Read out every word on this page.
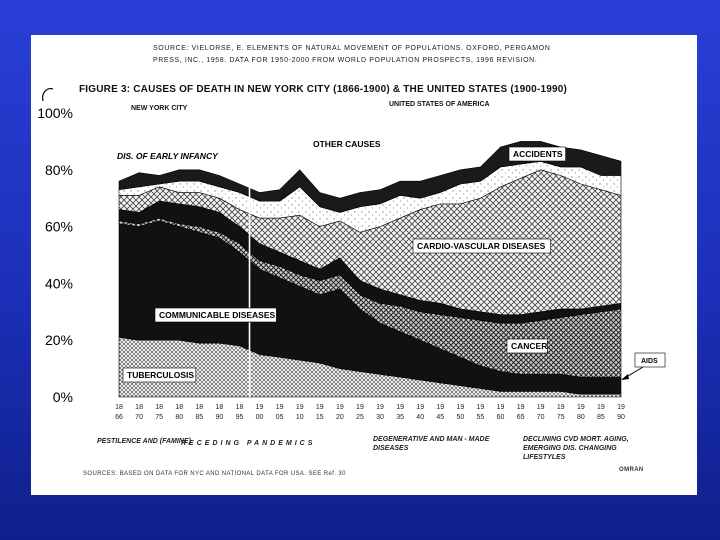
SOURCE: VIELORSE, E. ELEMENTS OF NATURAL MOVEMENT OF POPULATIONS. OXFORD, PERGAMON
PRESS, INC., 1958. DATA FOR 1950-2000 FROM WORLD POPULATION PROSPECTS, 1996 REVISION.
FIGURE 3: CAUSES OF DEATH IN NEW YORK CITY (1866-1900) & THE UNITED STATES (1900-1990)
0%
20%
40%
60%
80%
100%
18 66
18 70
18 75
18 80
18 85
18 90
18 95
19 00
19 05
19 10
19 15
19 20
19 25
19 30
19 35
19 40
19 45
19 50
19 55
19 60
19 65
19 70
19 75
19 80
19 85
19 90
NEW YORK CITY
UNITED STATES OF AMERICA
TUBERCULOSIS
COMMUNICABLE DISEASES
CANCER
DIS. OF EARLY INFANCY
CARDIO-VASCULAR DISEASES
OTHER CAUSES
ACCIDENTS
AIDS
PESTILENCE AND (FAMINE)
RECEDING PANDEMICS
DEGENERATIVE AND MAN - MADE DISEASES
DECLINING CVD MORT. AGING, EMERGING DIS. CHANGING LIFESTYLES
SOURCES: BASED ON DATA FOR NYC AND NATIONAL DATA FOR USA. SEE Ref. 30
OMRAN
